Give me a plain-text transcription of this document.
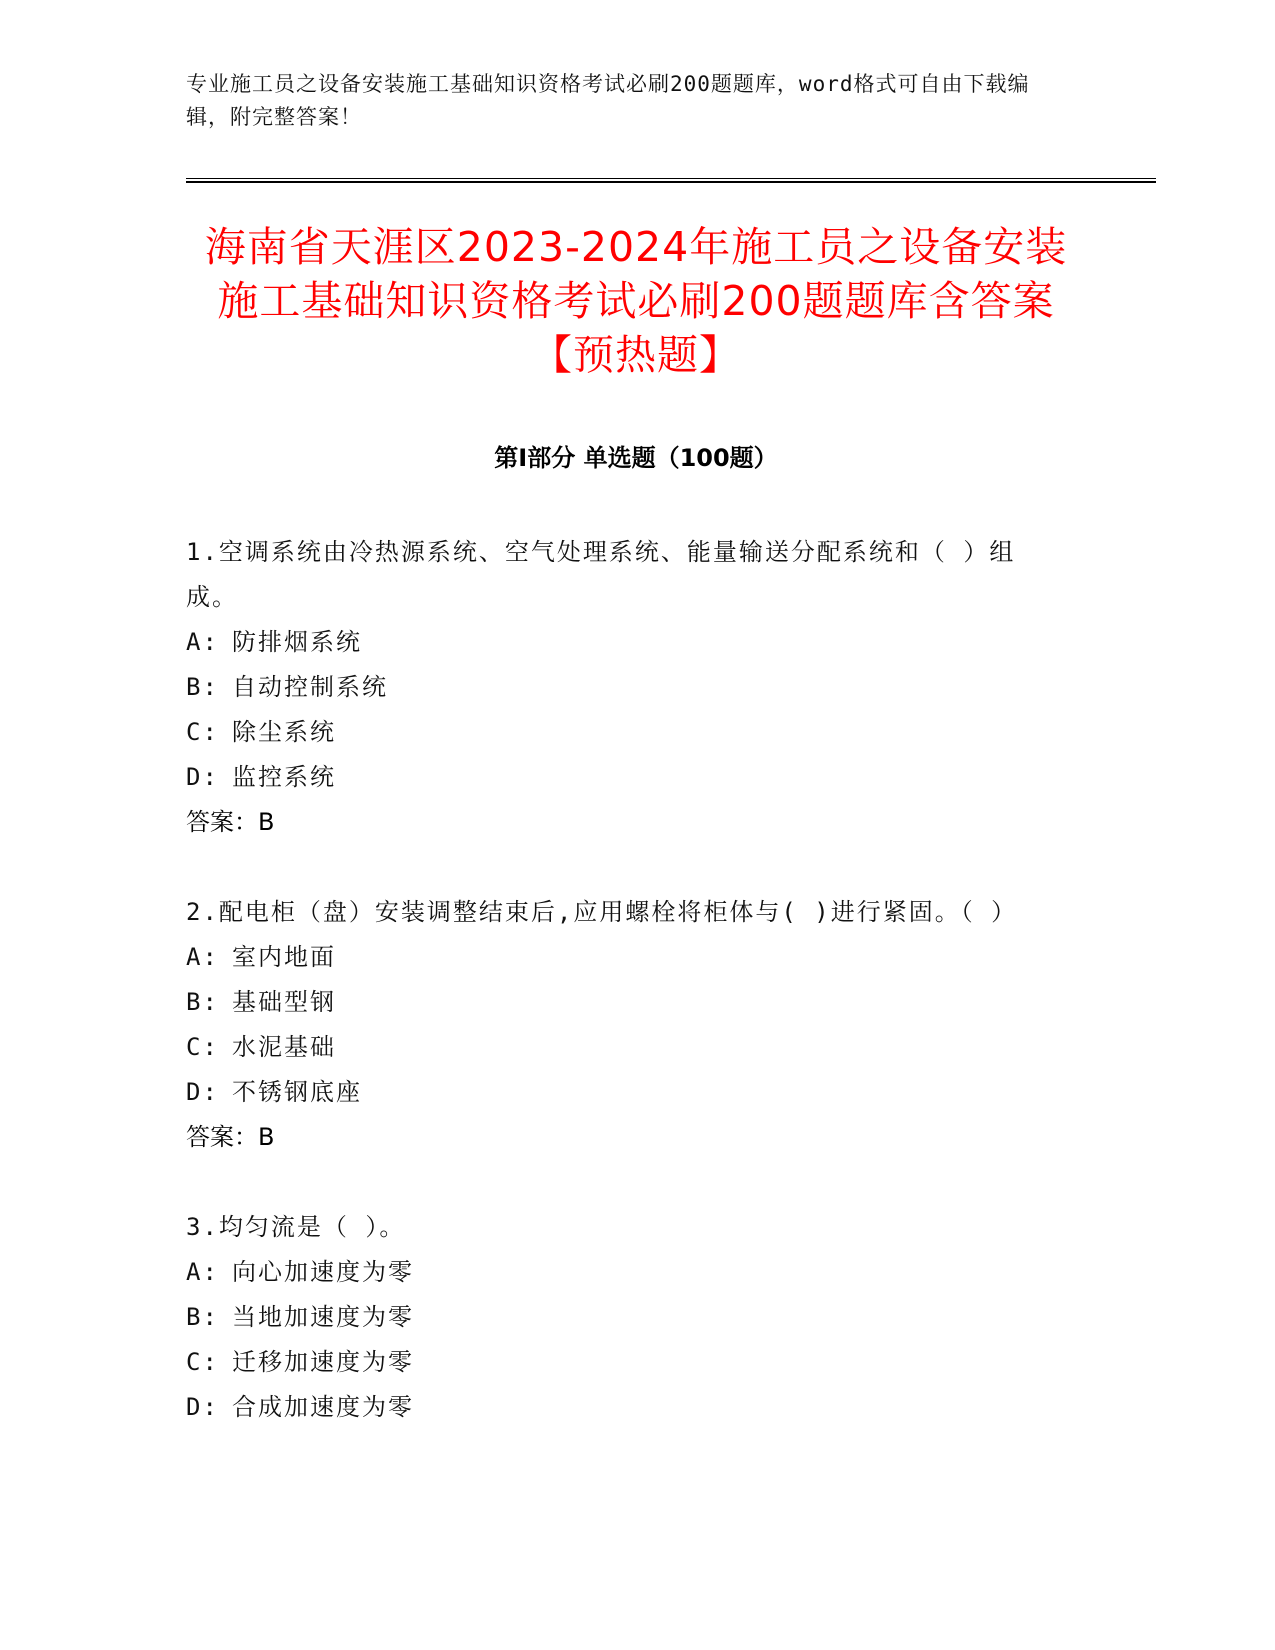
专业施工员之设备安装施工基础知识资格考试必刷200题题库，word格式可自由下载编辑，附完整答案！
海南省天涯区2023-2024年施工员之设备安装施工基础知识资格考试必刷200题题库含答案【预热题】
第I部分 单选题（100题）
1.空调系统由冷热源系统、空气处理系统、能量输送分配系统和（ ）组成。
A: 防排烟系统
B: 自动控制系统
C: 除尘系统
D: 监控系统
答案：B
2.配电柜（盘）安装调整结束后,应用螺栓将柜体与( )进行紧固。（ ）
A: 室内地面
B: 基础型钢
C: 水泥基础
D: 不锈钢底座
答案：B
3.均匀流是（ ）。
A: 向心加速度为零
B: 当地加速度为零
C: 迁移加速度为零
D: 合成加速度为零
